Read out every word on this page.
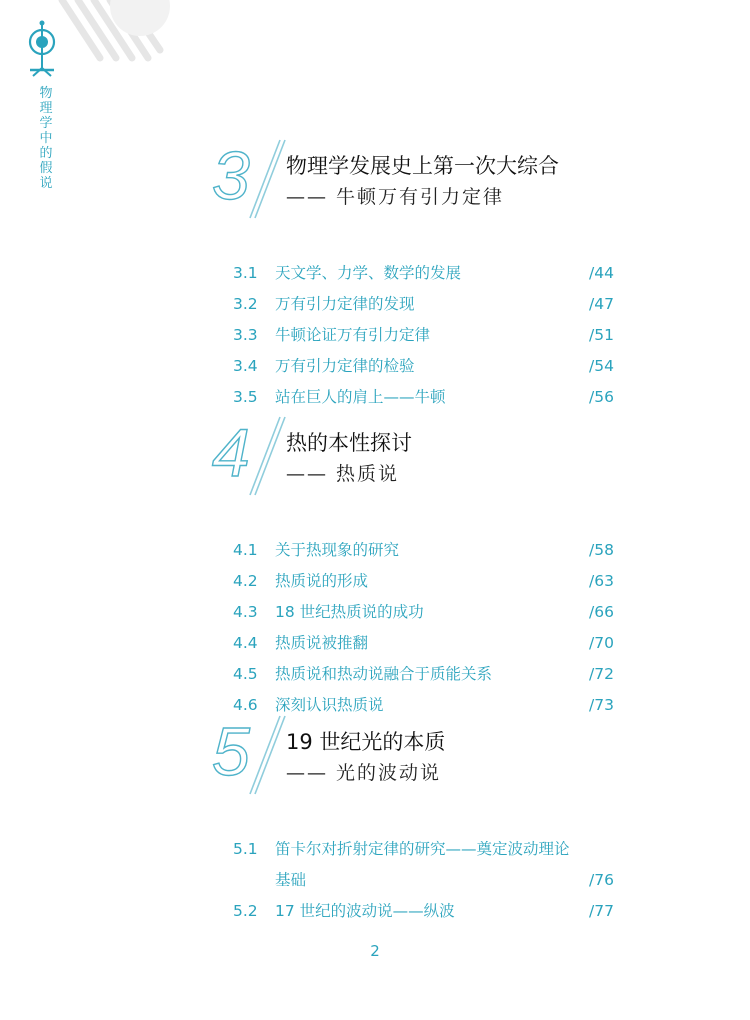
物
理
学
中
的
假
说 3 物理学发展史上第一次大综合
—— 牛顿万有引力定律
3.1 天文学、力学、数学的发展	/44
3.2 万有引力定律的发现	/47
3.3 牛顿论证万有引力定律	/51
3.4 万有引力定律的检验	/54
3.5 站在巨人的肩上——牛顿	/56
4 热的本性探讨
—— 热质说
4.1 关于热现象的研究	/58
4.2 热质说的形成	/63
4.3 18 世纪热质说的成功	/66
4.4 热质说被推翻	/70
4.5 热质说和热动说融合于质能关系	/72
4.6 深刻认识热质说	/73
5 19 世纪光的本质
—— 光的波动说
5.1 笛卡尔对折射定律的研究——奠定波动理论
基础	/76
5.2 17 世纪的波动说——纵波	/77
2
